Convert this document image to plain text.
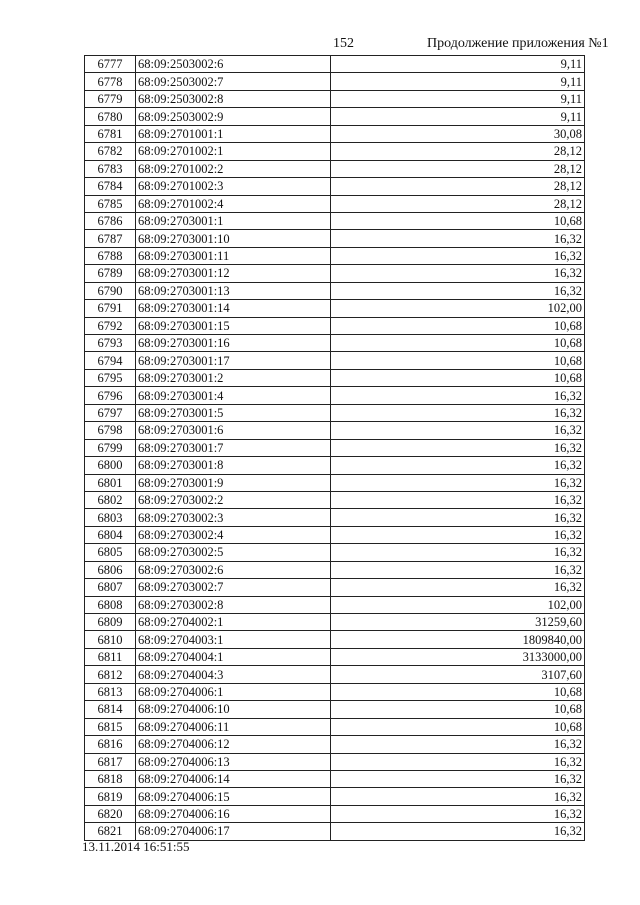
152	Продолжение приложения №1
6777	68:09:2503002:6	9,11
6778	68:09:2503002:7	9,11
6779	68:09:2503002:8	9,11
6780	68:09:2503002:9	9,11
6781	68:09:2701001:1	30,08
6782	68:09:2701002:1	28,12
6783	68:09:2701002:2	28,12
6784	68:09:2701002:3	28,12
6785	68:09:2701002:4	28,12
6786	68:09:2703001:1	10,68
6787	68:09:2703001:10	16,32
6788	68:09:2703001:11	16,32
6789	68:09:2703001:12	16,32
6790	68:09:2703001:13	16,32
6791	68:09:2703001:14	102,00
6792	68:09:2703001:15	10,68
6793	68:09:2703001:16	10,68
6794	68:09:2703001:17	10,68
6795	68:09:2703001:2	10,68
6796	68:09:2703001:4	16,32
6797	68:09:2703001:5	16,32
6798	68:09:2703001:6	16,32
6799	68:09:2703001:7	16,32
6800	68:09:2703001:8	16,32
6801	68:09:2703001:9	16,32
6802	68:09:2703002:2	16,32
6803	68:09:2703002:3	16,32
6804	68:09:2703002:4	16,32
6805	68:09:2703002:5	16,32
6806	68:09:2703002:6	16,32
6807	68:09:2703002:7	16,32
6808	68:09:2703002:8	102,00
6809	68:09:2704002:1	31259,60
6810	68:09:2704003:1	1809840,00
6811	68:09:2704004:1	3133000,00
6812	68:09:2704004:3	3107,60
6813	68:09:2704006:1	10,68
6814	68:09:2704006:10	10,68
6815	68:09:2704006:11	10,68
6816	68:09:2704006:12	16,32
6817	68:09:2704006:13	16,32
6818	68:09:2704006:14	16,32
6819	68:09:2704006:15	16,32
6820	68:09:2704006:16	16,32
6821	68:09:2704006:17	16,32
13.11.2014 16:51:55
